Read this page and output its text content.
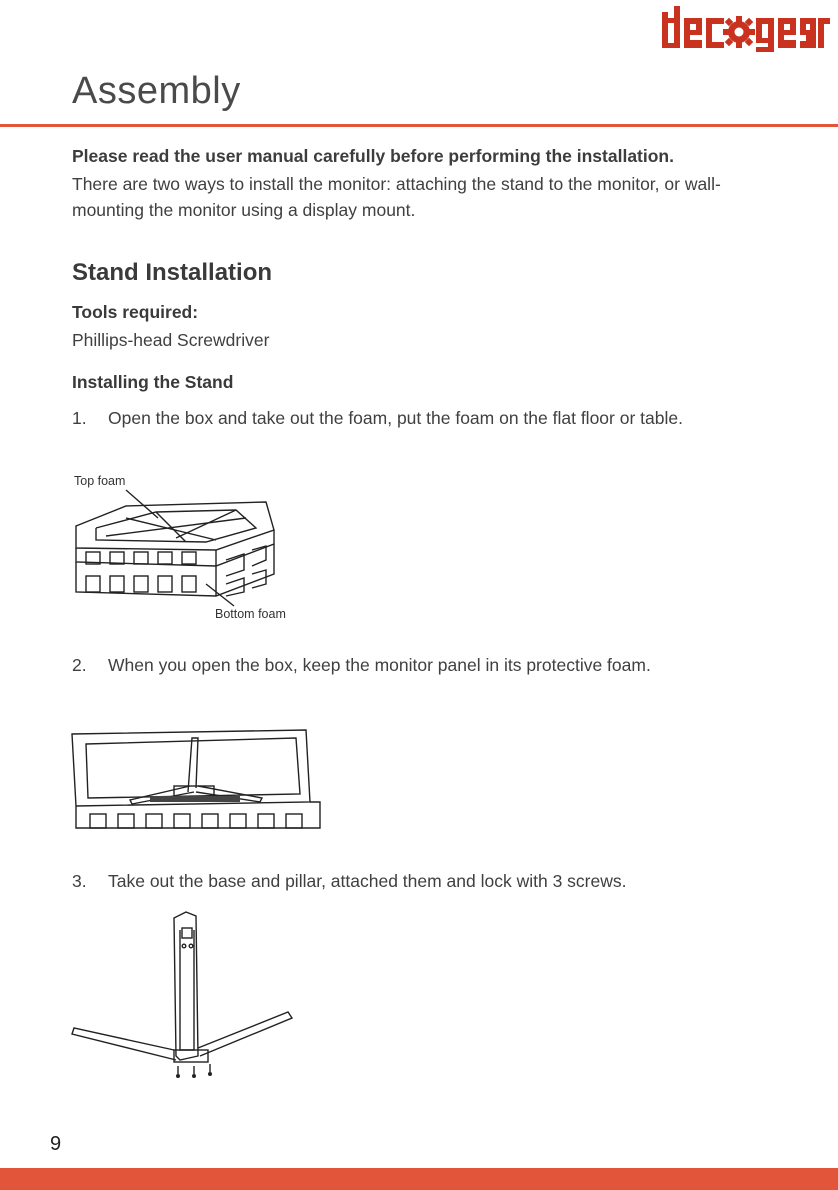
Assembly

Please read the user manual carefully before performing the installation.

There are two ways to install the monitor: attaching the stand to the monitor, or wall-mounting the monitor using a display mount.

Stand Installation
Tools required:

Phillips-head Screwdriver

Installing the Stand
1. Open the box and take out the foam, put the foam on the flat floor or table.
Top foam
Bottom foam
2. When you open the box, keep the monitor panel in its protective foam.
3. Take out the base and pillar, attached them and lock with 3 screws.
9
